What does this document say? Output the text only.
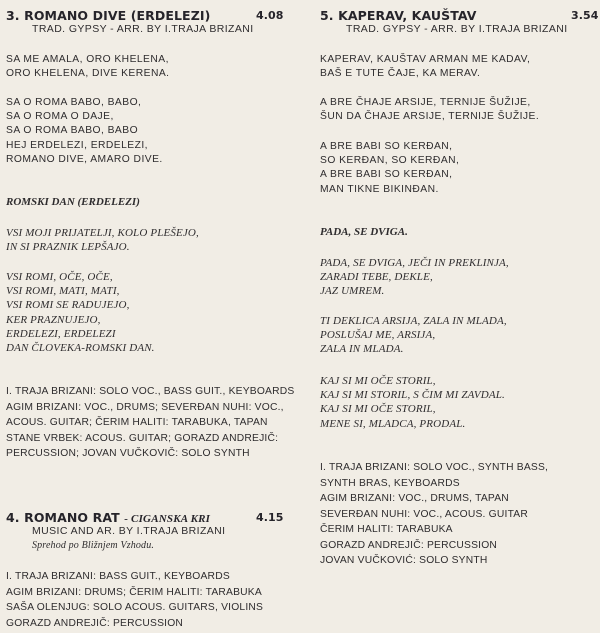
3. ROMANO DIVE (ERDELEZI)	4.08
TRAD. GYPSY - ARR. BY I.TRAJA BRIZANI
SA ME AMALA, ORO KHELENA,
ORO KHELENA, DIVE KERENA.
SA O ROMA BABO, BABO,
SA O ROMA O DAJE,
SA O ROMA BABO, BABO
HEJ ERDELEZI, ERDELEZI,
ROMANO DIVE, AMARO DIVE.
ROMSKI DAN (ERDELEZI)
VSI MOJI PRIJATELJI, KOLO PLEŠEJO,
IN SI PRAZNIK LEPŠAJO.
VSI ROMI, OČE, OČE,
VSI ROMI, MATI, MATI,
VSI ROMI SE RADUJEJO,
KER PRAZNUJEJO,
ERDELEZI, ERDELEZI
DAN ČLOVEKA-ROMSKI DAN.
I. TRAJA BRIZANI: SOLO VOC., BASS GUIT., KEYBOARDS
AGIM BRIZANI: VOC., DRUMS; SEVERĐAN NUHI: VOC.,
ACOUS. GUITAR; ČERIM HALITI: TARABUKA, TAPAN
STANE VRBEK: ACOUS. GUITAR; GORAZD ANDREJIČ:
PERCUSSION; JOVAN VUČKOVIČ: SOLO SYNTH
4. ROMANO RAT - CIGANSKA KRI	4.15
MUSIC AND AR. BY I.TRAJA BRIZANI
Sprehod po Bližnjem Vzhodu.
I. TRAJA BRIZANI: BASS GUIT., KEYBOARDS
AGIM BRIZANI: DRUMS; ČERIM HALITI: TARABUKA
SAŠA OLENJUG: SOLO ACOUS. GUITARS, VIOLINS
GORAZD ANDREJIČ: PERCUSSION
5. KAPERAV, KAUŠTAV	3.54
TRAD. GYPSY - ARR. BY I.TRAJA BRIZANI
KAPERAV, KAUŠTAV ARMAN ME KADAV,
BAŠ E TUTE ČAJE, KA MERAV.
A BRE ČHAJE ARSIJE, TERNIJE ŠUŽIJE,
ŠUN DA ČHAJE ARSIJE, TERNIJE ŠUŽIJE.
A BRE BABI SO KERĐAN,
SO KERĐAN, SO KERĐAN,
A BRE BABI SO KERĐAN,
MAN TIKNE BIKINĐAN.
PADA, SE DVIGA.
PADA, SE DVIGA, JEČI IN PREKLINJA,
ZARADI TEBE, DEKLE,
JAZ UMREM.
TI DEKLICA ARSIJA, ZALA IN MLADA,
POSLUŠAJ ME, ARSIJA,
ZALA IN MLADA.
KAJ SI MI OČE STORIL,
KAJ SI MI STORIL, S ČIM MI ZAVDAL.
KAJ SI MI OČE STORIL,
MENE SI, MLADCA, PRODAL.
I. TRAJA BRIZANI: SOLO VOC., SYNTH BASS,
SYNTH BRAS, KEYBOARDS
AGIM BRIZANI: VOC., DRUMS, TAPAN
SEVERĐAN NUHI: VOC., ACOUS. GUITAR
ČERIM HALITI: TARABUKA
GORAZD ANDREJIČ: PERCUSSION
JOVAN VUČKOVIĆ: SOLO SYNTH
